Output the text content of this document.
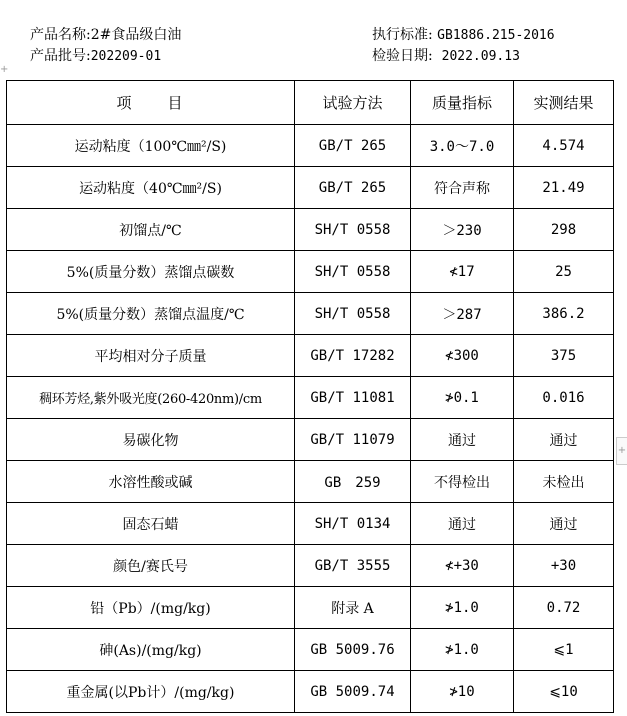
产品名称:2#食品级白油
产品批号:202209-01
执行标准: GB1886.215-2016
检验日期: 2022.09.13
+
+
项　　目	试验方法	质量指标	实测结果
运动粘度（100℃㎜²/S)	GB/T 265	3.0～7.0	4.574
运动粘度（40℃㎜²/S)	GB/T 265	符合声称	21.49
初馏点/℃	SH/T 0558	＞230	298
5%(质量分数）蒸馏点碳数	SH/T 0558	≮17	25
5%(质量分数）蒸馏点温度/℃	SH/T 0558	＞287	386.2
平均相对分子质量	GB/T 17282	≮300	375
稠环芳烃,紫外吸光度(260-420nm)/cm	GB/T 11081	≯0.1	0.016
易碳化物	GB/T 11079	通过	通过
水溶性酸或碱	GB　259	不得检出	未检出
固态石蜡	SH/T 0134	通过	通过
颜色/赛氏号	GB/T 3555	≮+30	+30
铅（Pb）/(mg/kg)	附录 A	≯1.0	0.72
砷(As)/(mg/kg)	GB 5009.76	≯1.0	⩽1
重金属(以Pb计）/(mg/kg)	GB 5009.74	≯10	⩽10
